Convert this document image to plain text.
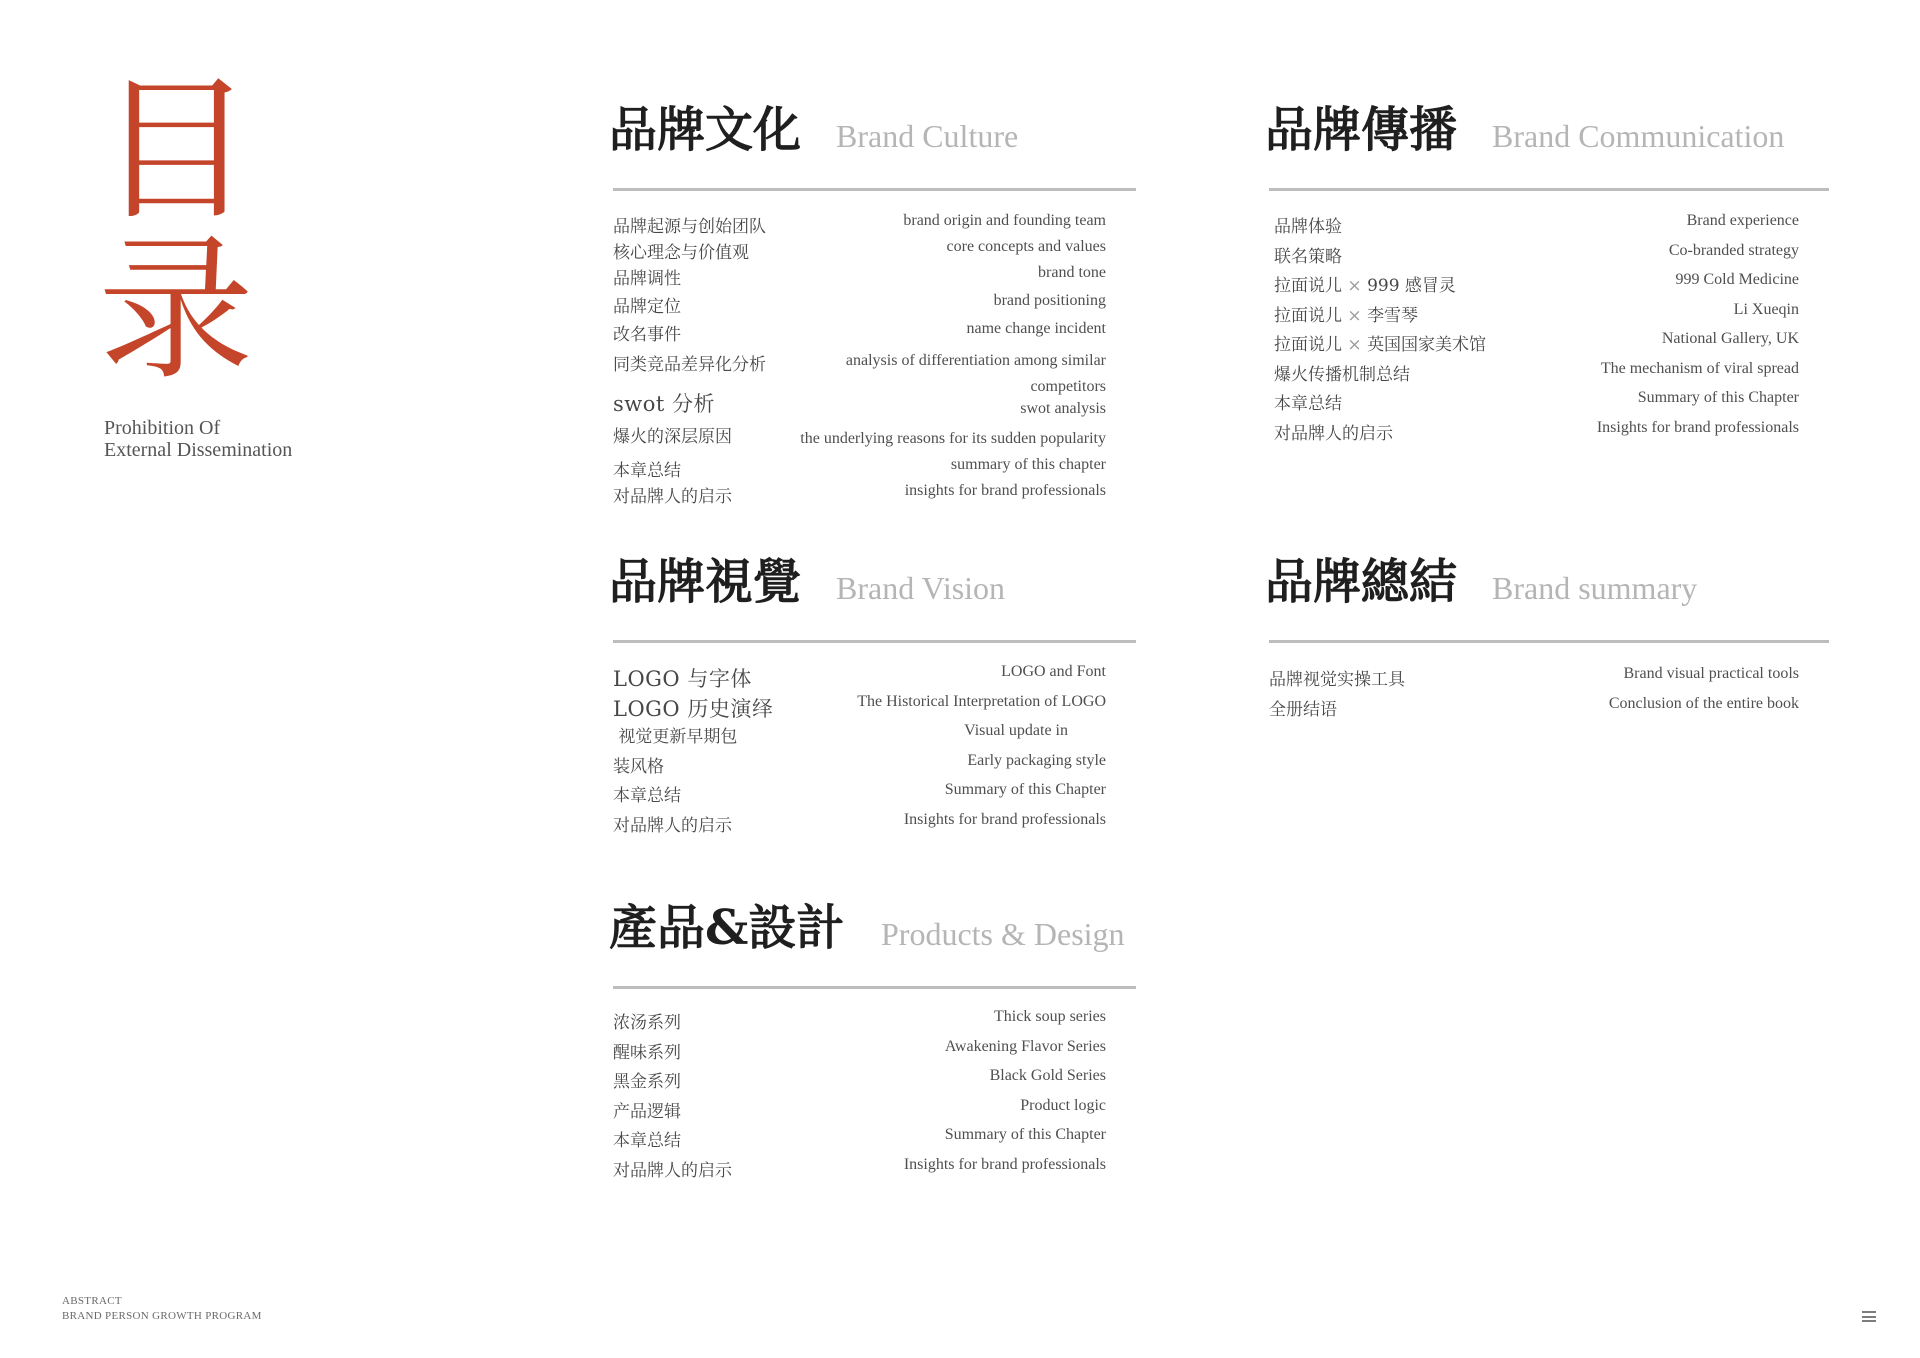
目
录
Prohibition Of
External Dissemination
品牌文化 Brand Culture
品牌起源与创始团队	brand origin and founding team
核心理念与价值观	core concepts and values
品牌调性	brand tone
品牌定位	brand positioning
改名事件	name change incident
同类竞品差异化分析	analysis of differentiation among similar competitors
swot 分析	swot analysis
爆火的深层原因	the underlying reasons for its sudden popularity
本章总结	summary of this chapter
对品牌人的启示	insights for brand professionals
品牌傳播 Brand Communication
品牌体验	Brand experience
联名策略	Co-branded strategy
拉面说儿 × 999 感冒灵	999 Cold Medicine
拉面说儿 × 李雪琴	Li Xueqin
拉面说儿 × 英国国家美术馆	National Gallery, UK
爆火传播机制总结	The mechanism of viral spread
本章总结	Summary of this Chapter
对品牌人的启示	Insights for brand professionals
品牌視覺 Brand Vision
LOGO 与字体	LOGO and Font
LOGO 历史演绎	The Historical Interpretation of LOGO
视觉更新早期包	Visual update in
装风格	Early packaging style
本章总结	Summary of this Chapter
对品牌人的启示	Insights for brand professionals
品牌總結 Brand summary
品牌视觉实操工具	Brand visual practical tools
全册结语	Conclusion of the entire book
產品&設計 Products & Design
浓汤系列	Thick soup series
醒味系列	Awakening Flavor Series
黑金系列	Black Gold Series
产品逻辑	Product logic
本章总结	Summary of this Chapter
对品牌人的启示	Insights for brand professionals
ABSTRACT
BRAND PERSON GROWTH PROGRAM
